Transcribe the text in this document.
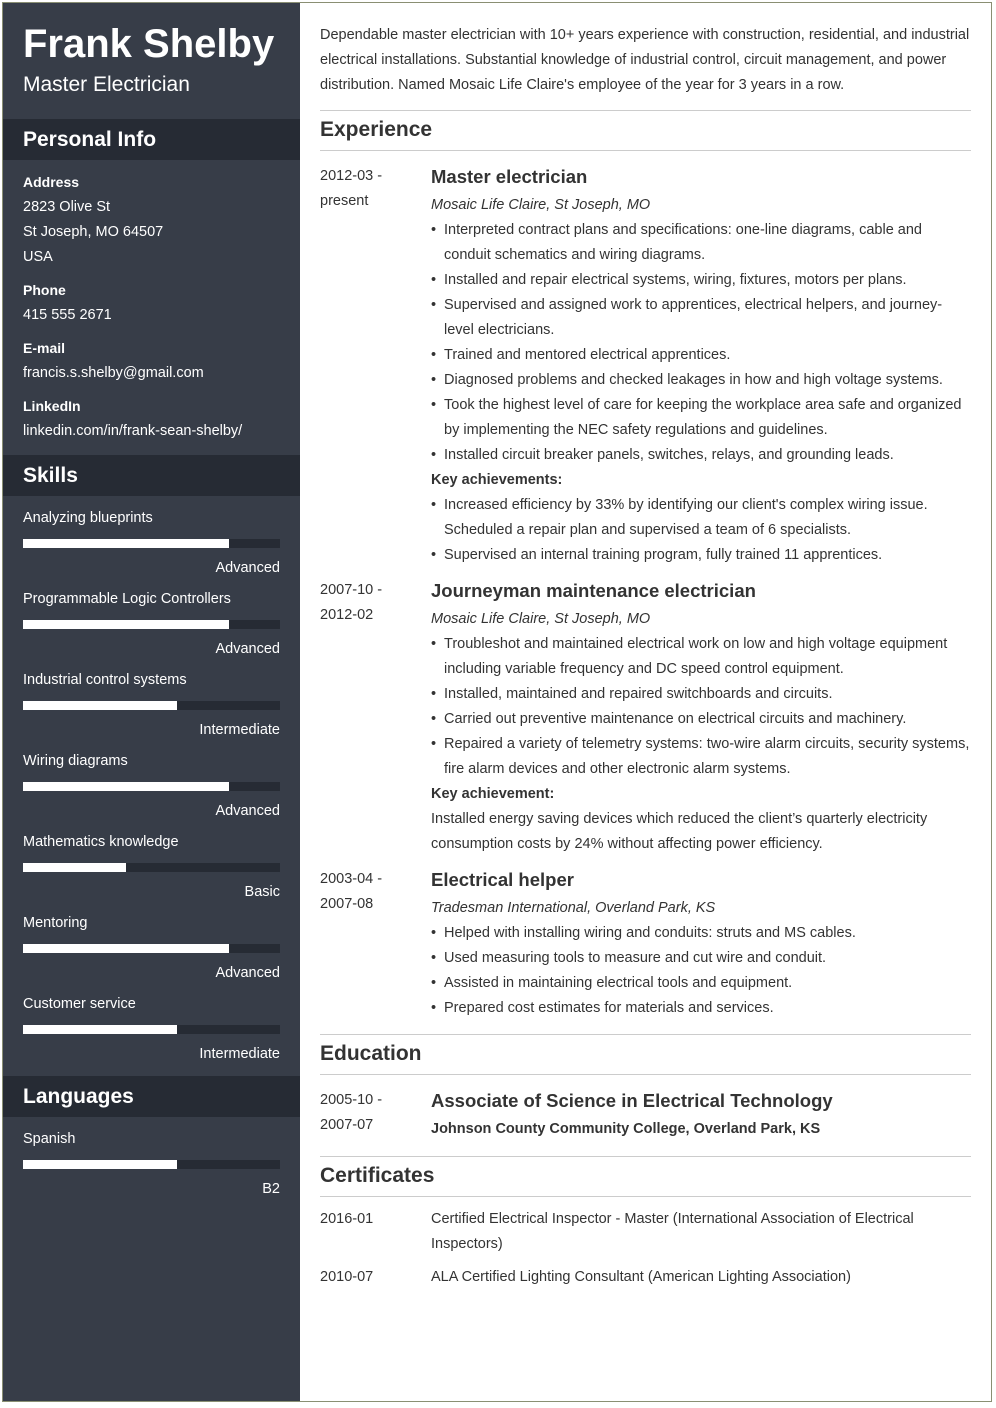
Frank Shelby
Master Electrician
Personal Info
Address
2823 Olive St
St Joseph, MO 64507
USA
Phone
415 555 2671
E-mail
francis.s.shelby@gmail.com
LinkedIn
linkedin.com/in/frank-sean-shelby/
Skills
Analyzing blueprints
Advanced
Programmable Logic Controllers
Advanced
Industrial control systems
Intermediate
Wiring diagrams
Advanced
Mathematics knowledge
Basic
Mentoring
Advanced
Customer service
Intermediate
Languages
Spanish
B2

Dependable master electrician with 10+ years experience with construction, residential, and industrial electrical installations. Substantial knowledge of industrial control, circuit management, and power distribution. Named Mosaic Life Claire's employee of the year for 3 years in a row.

Experience
2012-03 -
present
Master electrician
Mosaic Life Claire, St Joseph, MO
• Interpreted contract plans and specifications: one-line diagrams, cable and conduit schematics and wiring diagrams.
• Installed and repair electrical systems, wiring, fixtures, motors per plans.
• Supervised and assigned work to apprentices, electrical helpers, and journey-level electricians.
• Trained and mentored electrical apprentices.
• Diagnosed problems and checked leakages in how and high voltage systems.
• Took the highest level of care for keeping the workplace area safe and organized by implementing the NEC safety regulations and guidelines.
• Installed circuit breaker panels, switches, relays, and grounding leads.
Key achievements:
• Increased efficiency by 33% by identifying our client's complex wiring issue. Scheduled a repair plan and supervised a team of 6 specialists.
• Supervised an internal training program, fully trained 11 apprentices.
2007-10 -
2012-02
Journeyman maintenance electrician
Mosaic Life Claire, St Joseph, MO
• Troubleshot and maintained electrical work on low and high voltage equipment including variable frequency and DC speed control equipment.
• Installed, maintained and repaired switchboards and circuits.
• Carried out preventive maintenance on electrical circuits and machinery.
• Repaired a variety of telemetry systems: two-wire alarm circuits, security systems, fire alarm devices and other electronic alarm systems.
Key achievement:
Installed energy saving devices which reduced the client’s quarterly electricity consumption costs by 24% without affecting power efficiency.
2003-04 -
2007-08
Electrical helper
Tradesman International, Overland Park, KS
• Helped with installing wiring and conduits: struts and MS cables.
• Used measuring tools to measure and cut wire and conduit.
• Assisted in maintaining electrical tools and equipment.
• Prepared cost estimates for materials and services.
Education
2005-10 -
2007-07
Associate of Science in Electrical Technology
Johnson County Community College, Overland Park, KS
Certificates
2016-01	Certified Electrical Inspector - Master (International Association of Electrical Inspectors)
2010-07	ALA Certified Lighting Consultant (American Lighting Association)
